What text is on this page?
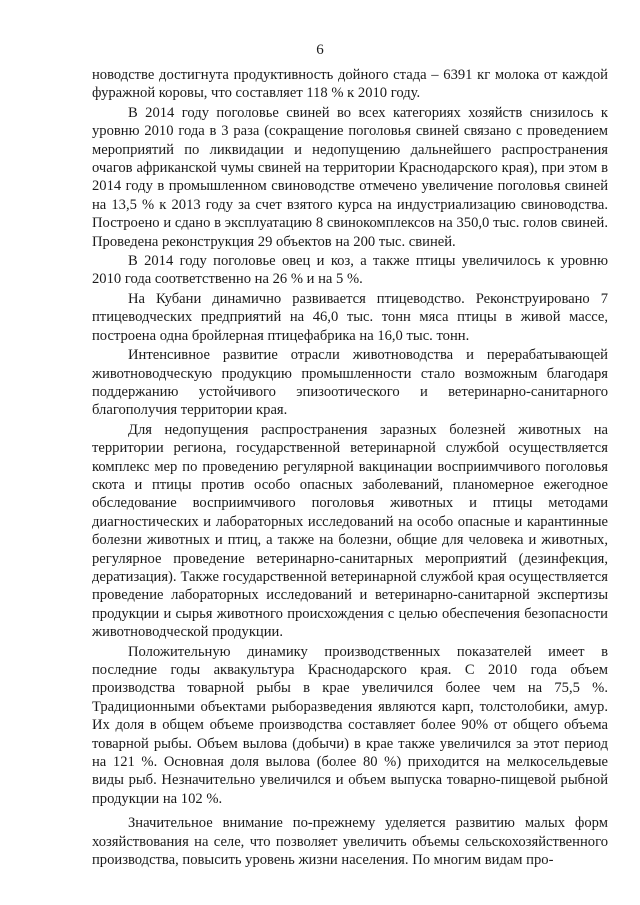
6

новодстве достигнута продуктивность дойного стада – 6391 кг молока от каждой фуражной коровы, что составляет 118 % к 2010 году.

В 2014 году поголовье свиней во всех категориях хозяйств снизилось к уровню 2010 года в 3 раза (сокращение поголовья свиней связано с проведением мероприятий по ликвидации и недопущению дальнейшего распространения очагов африканской чумы свиней на территории Краснодарского края), при этом в 2014 году в промышленном свиноводстве отмечено увеличение поголовья свиней на 13,5 % к 2013 году за счет взятого курса на индустриализацию свиноводства. Построено и сдано в эксплуатацию 8 свинокомплексов на 350,0 тыс. голов свиней. Проведена реконструкция 29 объектов на 200 тыс. свиней.

В 2014 году поголовье овец и коз, а также птицы увеличилось к уровню 2010 года соответственно на 26 % и на 5 %.

На Кубани динамично развивается птицеводство. Реконструировано 7 птицеводческих предприятий на 46,0 тыс. тонн мяса птицы в живой массе, построена одна бройлерная птицефабрика на 16,0 тыс. тонн.

Интенсивное развитие отрасли животноводства и перерабатывающей животноводческую продукцию промышленности стало возможным благодаря поддержанию устойчивого эпизоотического и ветеринарно-санитарного благополучия территории края.

Для недопущения распространения заразных болезней животных на территории региона, государственной ветеринарной службой осуществляется комплекс мер по проведению регулярной вакцинации восприимчивого поголовья скота и птицы против особо опасных заболеваний, планомерное ежегодное обследование восприимчивого поголовья животных и птицы методами диагностических и лабораторных исследований на особо опасные и карантинные болезни животных и птиц, а также на болезни, общие для человека и животных, регулярное проведение ветеринарно-санитарных мероприятий (дезинфекция, дератизация). Также государственной ветеринарной службой края осуществляется проведение лабораторных исследований и ветеринарно-санитарной экспертизы продукции и сырья животного происхождения с целью обеспечения безопасности животноводческой продукции.

Положительную динамику производственных показателей имеет в последние годы аквакультура Краснодарского края. С 2010 года объем производства товарной рыбы в крае увеличился более чем на 75,5 %. Традиционными объектами рыборазведения являются карп, толстолобики, амур. Их доля в общем объеме производства составляет более 90% от общего объема товарной рыбы. Объем вылова (добычи) в крае также увеличился за этот период на 121 %. Основная доля вылова (более 80 %) приходится на мелкосельдевые виды рыб. Незначительно увеличился и объем выпуска товарно-пищевой рыбной продукции на 102 %.

Значительное внимание по-прежнему уделяется развитию малых форм хозяйствования на селе, что позволяет увеличить объемы сельскохозяйственного производства, повысить уровень жизни населения. По многим видам про-
